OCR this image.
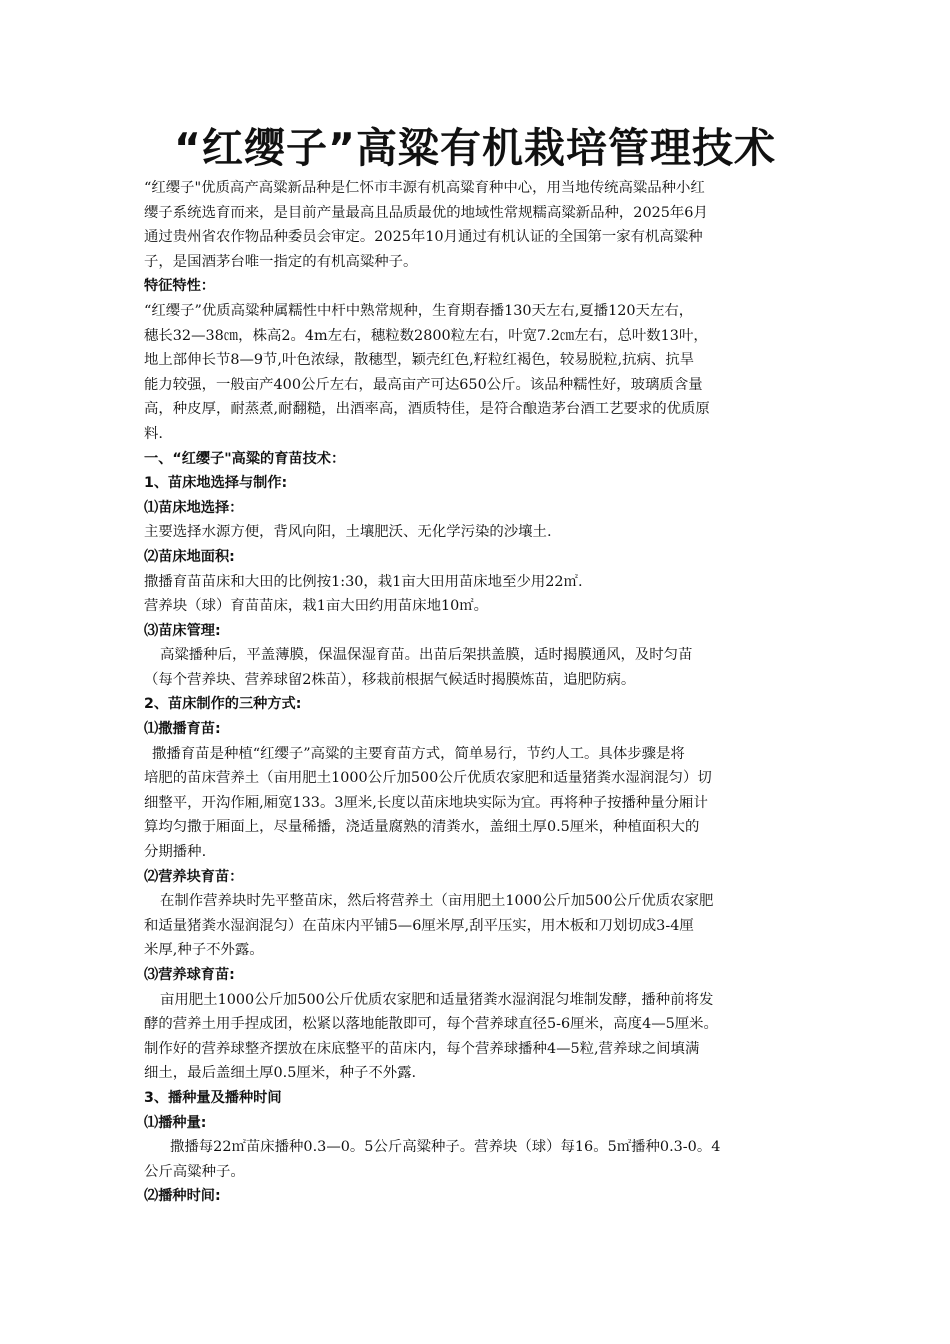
“红缨子”高粱有机栽培管理技术

“红缨子"优质高产高粱新品种是仁怀市丰源有机高粱育种中心，用当地传统高粱品种小红

缨子系统选育而来，是目前产量最高且品质最优的地域性常规糯高粱新品种，2025年6月

通过贵州省农作物品种委员会审定。2025年10月通过有机认证的全国第一家有机高粱种

子，是国酒茅台唯一指定的有机高粱种子。

特征特性：

“红缨子”优质高粱种属糯性中杆中熟常规种，生育期春播130天左右,夏播120天左右，

穗长32—38㎝，株高2。4m左右，穗粒数2800粒左右，叶宽7.2㎝左右，总叶数13叶，

地上部伸长节8—9节,叶色浓绿，散穗型，颖壳红色,籽粒红褐色，较易脱粒,抗病、抗旱

能力较强，一般亩产400公斤左右，最高亩产可达650公斤。该品种糯性好，玻璃质含量

高，种皮厚，耐蒸煮,耐翻糙，出酒率高，酒质特佳，是符合酿造茅台酒工艺要求的优质原

料.

一、“红缨子"高粱的育苗技术：

1、苗床地选择与制作:

⑴苗床地选择：

主要选择水源方便，背风向阳，土壤肥沃、无化学污染的沙壤土.

⑵苗床地面积:

撒播育苗苗床和大田的比例按1:30，栽1亩大田用苗床地至少用22㎡.

营养块（球）育苗苗床，栽1亩大田约用苗床地10㎡。

⑶苗床管理:

高粱播种后，平盖薄膜，保温保湿育苗。出苗后架拱盖膜，适时揭膜通风，及时匀苗

（每个营养块、营养球留2株苗），移栽前根据气候适时揭膜炼苗，追肥防病。

2、苗床制作的三种方式:

⑴撒播育苗:

撒播育苗是种植“红缨子”高粱的主要育苗方式，简单易行，节约人工。具体步骤是将

培肥的苗床营养土（亩用肥土1000公斤加500公斤优质农家肥和适量猪粪水湿润混匀）切

细整平，开沟作厢,厢宽133。3厘米,长度以苗床地块实际为宜。再将种子按播种量分厢计

算均匀撒于厢面上，尽量稀播，浇适量腐熟的清粪水，盖细土厚0.5厘米，种植面积大的

分期播种.

⑵营养块育苗：

在制作营养块时先平整苗床，然后将营养土（亩用肥土1000公斤加500公斤优质农家肥

和适量猪粪水湿润混匀）在苗床内平铺5—6厘米厚,刮平压实，用木板和刀划切成3-4厘

米厚,种子不外露。

⑶营养球育苗:

亩用肥土1000公斤加500公斤优质农家肥和适量猪粪水湿润混匀堆制发酵，播种前将发

酵的营养土用手捏成团，松紧以落地能散即可，每个营养球直径5-6厘米，高度4—5厘米。

制作好的营养球整齐摆放在床底整平的苗床内，每个营养球播种4—5粒,营养球之间填满

细土，最后盖细土厚0.5厘米，种子不外露.

3、播种量及播种时间

⑴播种量:

撒播每22㎡苗床播种0.3—0。5公斤高粱种子。营养块（球）每16。5㎡播种0.3-0。4

公斤高粱种子。

⑵播种时间:
